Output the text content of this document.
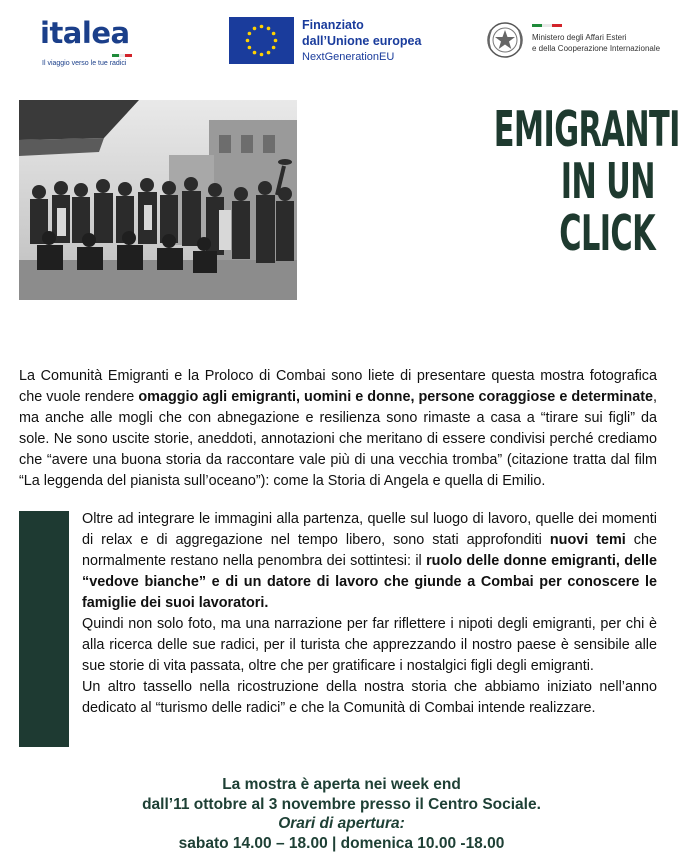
italea
Il viaggio verso le tue radici
Finanziato
dall’Unione europea
NextGenerationEU
Ministero degli Affari Esteri
e della Cooperazione Internazionale
EMIGRANTI
IN UN
CLICK

La Comunità Emigranti e la Proloco di Combai sono liete di presentare questa mostra fotografica che vuole rendere omaggio agli emigranti, uomini e donne, persone coraggiose e determinate, ma anche alle mogli che con abnegazione e resilienza sono rimaste a casa a “tirare sui figli” da sole. Ne sono uscite storie, aneddoti, annotazioni che meritano di essere condivisi perché crediamo che “avere una buona storia da raccontare vale più di una vecchia tromba” (citazione tratta dal film “La leggenda del pianista sull’oceano”): come la Storia di Angela e quella di Emilio.

Oltre ad integrare le immagini alla partenza, quelle sul luogo di lavoro, quelle dei momenti di relax e di aggregazione nel tempo libero, sono stati approfonditi nuovi temi che normalmente restano nella penombra dei sottintesi: il ruolo delle donne emigranti, delle “vedove bianche” e di un datore di lavoro che giunde a Combai per conoscere le famiglie dei suoi lavoratori.

Quindi non solo foto, ma una narrazione per far riflettere i nipoti degli emigranti, per chi è alla ricerca delle sue radici, per il turista che apprezzando il nostro paese è sensibile alle sue storie di vita passata, oltre che per gratificare i nostalgici figli degli emigranti.

Un altro tassello nella ricostruzione della nostra storia che abbiamo iniziato nell’anno dedicato al “turismo delle radici” e che la Comunità di Combai intende realizzare.

La mostra è aperta nei week end
dall’11 ottobre al 3 novembre presso il Centro Sociale.
Orari di apertura:
sabato 14.00 – 18.00 | domenica 10.00 -18.00
